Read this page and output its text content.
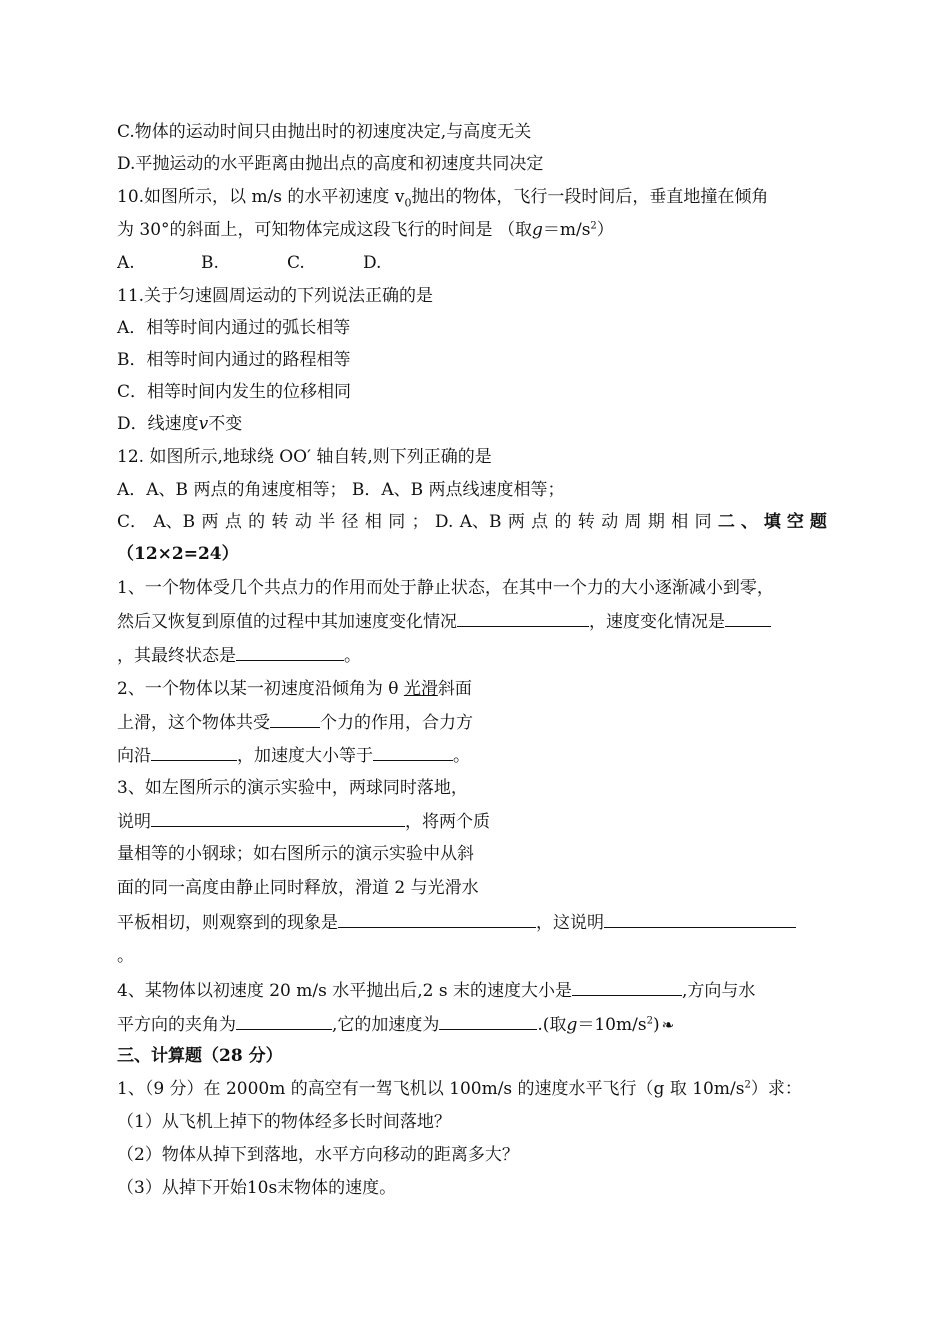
C.物体的运动时间只由抛出时的初速度决定,与高度无关
D.平抛运动的水平距离由抛出点的高度和初速度共同决定
10.如图所示，以 m/s 的水平初速度 $v_0$抛出的物体，飞行一段时间后，垂直地撞在倾角
为 30°的斜面上，可知物体完成这段飞行的时间是 （取$g=m/s^2$）
A.	B.	C.	D.
11.关于匀速圆周运动的下列说法正确的是
A．相等时间内通过的弧长相等
B．相等时间内通过的路程相等
C．相等时间内发生的位移相同
D．线速度v不变
12. 如图所示,地球绕 OO′ 轴自转,则下列正确的是
A．A、B 两点的角速度相等； B．A、B 两点线速度相等；
C． A、B 两 点 的 转 动 半 径 相 同 ； D. A、B 两 点 的 转 动 周 期 相 同 二、填空题
（12×2=24）
1、一个物体受几个共点力的作用而处于静止状态，在其中一个力的大小逐渐减小到零，
然后又恢复到原值的过程中其加速度变化情况	，速度变化情况是
，其最终状态是	。
2、一个物体以某一初速度沿倾角为 θ 光滑斜面
上滑，这个物体共受	个力的作用，合力方
向沿	，加速度大小等于	。
3、如左图所示的演示实验中，两球同时落地，
说明	，将两个质
量相等的小钢球；如右图所示的演示实验中从斜
面的同一高度由静止同时释放，滑道 2 与光滑水
平板相切，则观察到的现象是	，这说明
。
4、某物体以初速度 20 m/s 水平抛出后,2 s 末的速度大小是	,方向与水
平方向的夹角为	,它的加速度为	.(取$g=10m/s^2$) ❧
三、计算题（28 分）
1、（9 分）在 2000m 的高空有一驾飞机以 100m/s 的速度水平飞行（g 取 $10m/s^2$）求：
（1）从飞机上掉下的物体经多长时间落地？
（2）物体从掉下到落地，水平方向移动的距离多大？
（3）从掉下开始10s末物体的速度。
